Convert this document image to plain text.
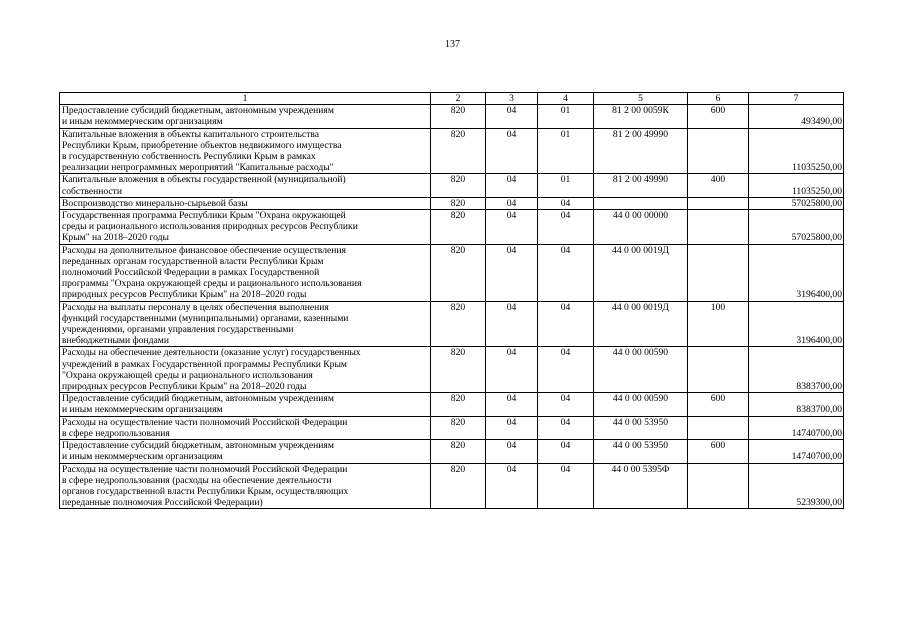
137
1	2	3	4	5	6	7
Предоставление субсидий бюджетным, автономным учреждениям
и иным некоммерческим организациям	820	04	01	81 2 00 0059К	600	493490,00
Капитальные вложения в объекты капитального строительства
Республики Крым, приобретение объектов недвижимого имущества
в государственную собственность Республики Крым в рамках
реализации непрограммных мероприятий "Капитальные расходы"	820	04	01	81 2 00 49990		11035250,00
Капитальные вложения в объекты государственной (муниципальной)
собственности	820	04	01	81 2 00 49990	400	11035250,00
Воспроизводство минерально-сырьевой базы	820	04	04			57025800,00
Государственная программа Республики Крым "Охрана окружающей
среды и рационального использования природных ресурсов Республики
Крым" на 2018–2020 годы	820	04	04	44 0 00 00000		57025800,00
Расходы на дополнительное финансовое обеспечение осуществления
переданных органам государственной власти Республики Крым
полномочий Российской Федерации в рамках Государственной
программы "Охрана окружающей среды и рационального использования
природных ресурсов Республики Крым" на 2018–2020 годы	820	04	04	44 0 00 0019Д		3196400,00
Расходы на выплаты персоналу в целях обеспечения выполнения
функций государственными (муниципальными) органами, казенными
учреждениями, органами управления государственными
внебюджетными фондами	820	04	04	44 0 00 0019Д	100	3196400,00
Расходы на обеспечение деятельности (оказание услуг) государственных
учреждений в рамках Государственной программы Республики Крым
"Охрана окружающей среды и рационального использования
природных ресурсов Республики Крым" на 2018–2020 годы	820	04	04	44 0 00 00590		8383700,00
Предоставление субсидий бюджетным, автономным учреждениям
и иным некоммерческим организациям	820	04	04	44 0 00 00590	600	8383700,00
Расходы на осуществление части полномочий Российской Федерации
в сфере недропользования	820	04	04	44 0 00 53950		14740700,00
Предоставление субсидий бюджетным, автономным учреждениям
и иным некоммерческим организациям	820	04	04	44 0 00 53950	600	14740700,00
Расходы на осуществление части полномочий Российской Федерации
в сфере недропользования (расходы на обеспечение деятельности
органов государственной власти Республики Крым, осуществляющих
переданные полномочия Российской Федерации)	820	04	04	44 0 00 5395Ф		5239300,00
